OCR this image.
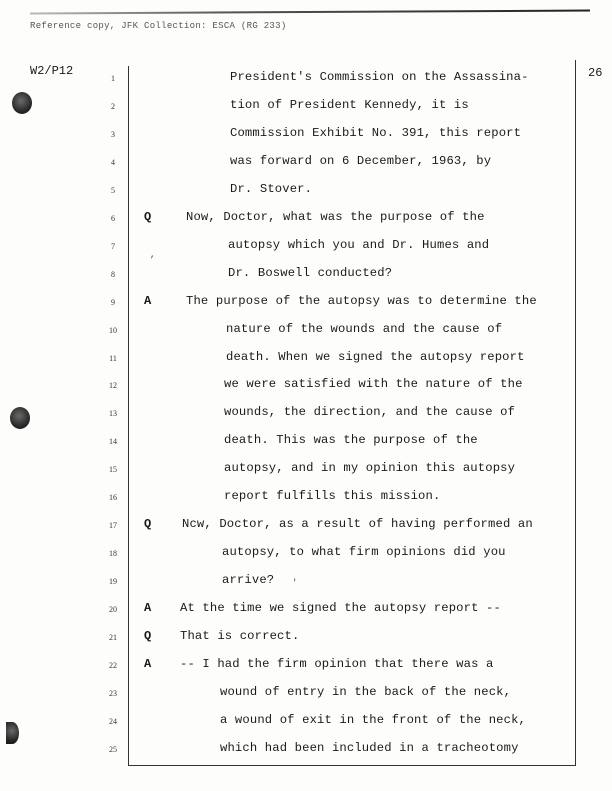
Reference copy, JFK Collection: ESCA (RG 233)
W2/P12	26
1	President's Commission on the Assassina-
2	tion of President Kennedy, it is
3	Commission Exhibit No. 391, this report
4	was forward on 6 December, 1963, by
5	Dr. Stover.
6	Q	Now, Doctor, what was the purpose of the
7	autopsy which you and Dr. Humes and
8	Dr. Boswell conducted?
9	A	The purpose of the autopsy was to determine the
10	nature of the wounds and the cause of
11	death. When we signed the autopsy report
12	we were satisfied with the nature of the
13	wounds, the direction, and the cause of
14	death. This was the purpose of the
15	autopsy, and in my opinion this autopsy
16	report fulfills this mission.
17	Q	Ncw, Doctor, as a result of having performed an
18	autopsy, to what firm opinions did you
19	arrive?
20	A At the time we signed the autopsy report --
21	Q That is correct.
22	A -- I had the firm opinion that there was a
23	wound of entry in the back of the neck,
24	a wound of exit in the front of the neck,
25	which had been included in a tracheotomy
,
'
